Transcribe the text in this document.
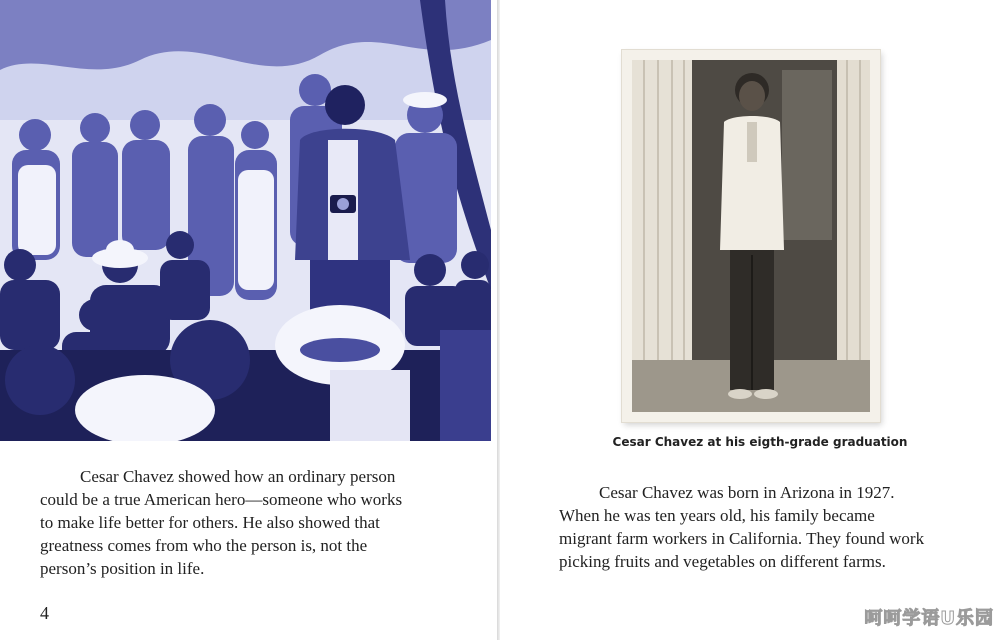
Cesar Chavez showed how an ordinary person
could be a true American hero—someone who works
to make life better for others. He also showed that
greatness comes from who the person is, not the
person’s position in life.

4
Cesar Chavez at his eigth-grade graduation

Cesar Chavez was born in Arizona in 1927.
When he was ten years old, his family became
migrant farm workers in California. They found work
picking fruits and vegetables on different farms.

呵呵学语U乐园
